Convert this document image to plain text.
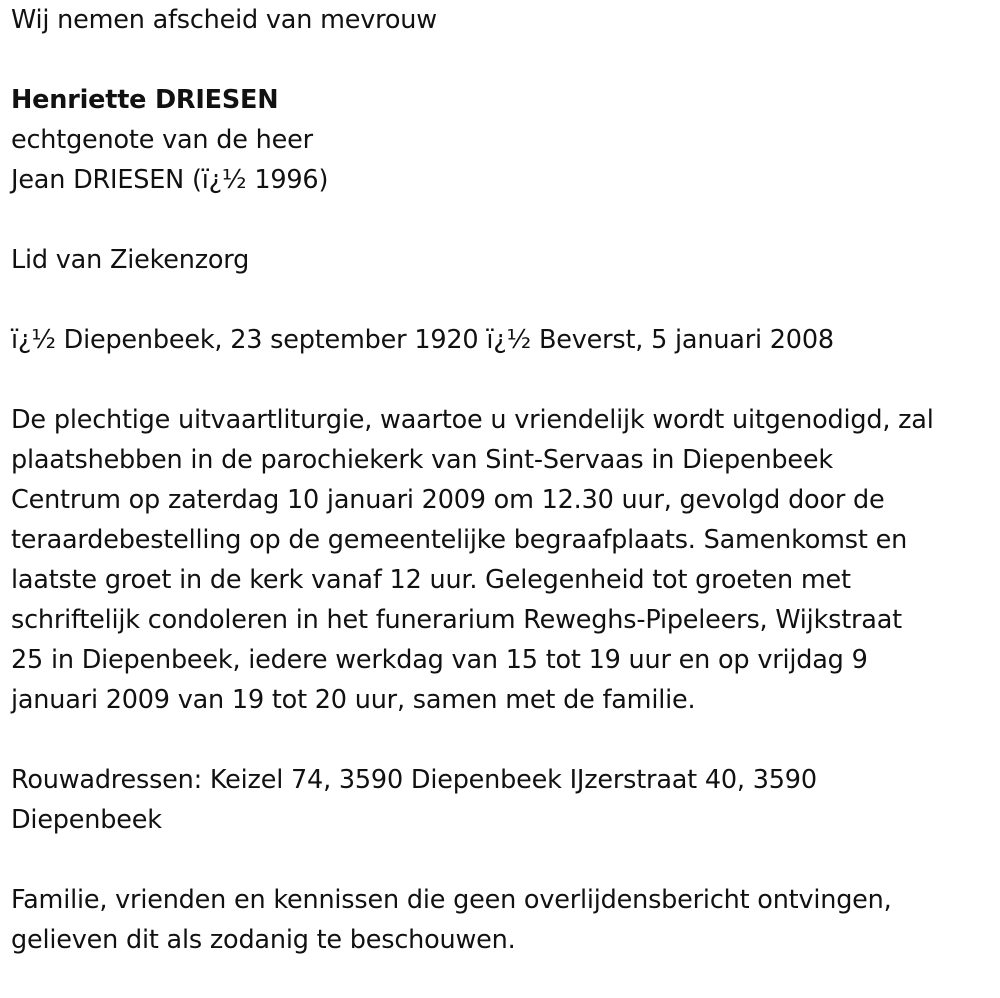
Wij nemen afscheid van mevrouw
Henriette DRIESEN
echtgenote van de heer
Jean DRIESEN (ï¿½ 1996)
Lid van Ziekenzorg
ï¿½ Diepenbeek, 23 september 1920 ï¿½ Beverst, 5 januari 2008
De plechtige uitvaartliturgie, waartoe u vriendelijk wordt uitgenodigd, zal
plaatshebben in de parochiekerk van Sint-Servaas in Diepenbeek
Centrum op zaterdag 10 januari 2009 om 12.30 uur, gevolgd door de
teraardebestelling op de gemeentelijke begraafplaats. Samenkomst en
laatste groet in de kerk vanaf 12 uur. Gelegenheid tot groeten met
schriftelijk condoleren in het funerarium Reweghs-Pipeleers, Wijkstraat
25 in Diepenbeek, iedere werkdag van 15 tot 19 uur en op vrijdag 9
januari 2009 van 19 tot 20 uur, samen met de familie.
Rouwadressen: Keizel 74, 3590 Diepenbeek IJzerstraat 40, 3590
Diepenbeek
Familie, vrienden en kennissen die geen overlijdensbericht ontvingen,
gelieven dit als zodanig te beschouwen.
